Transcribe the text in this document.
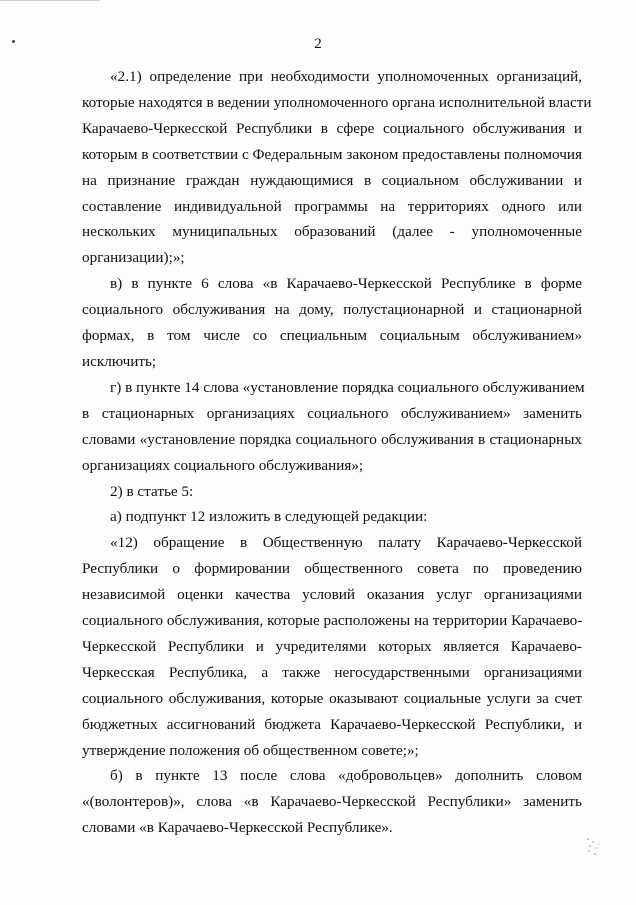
2

«2.1) определение при необходимости уполномоченных организаций,
которые находятся в ведении уполномоченного органа исполнительной власти
Карачаево-Черкесской Республики в сфере социального обслуживания и
которым в соответствии с Федеральным законом предоставлены полномочия
на признание граждан нуждающимися в социальном обслуживании и
составление индивидуальной программы на территориях одного или
нескольких муниципальных образований (далее - уполномоченные
организации);»;

в) в пункте 6 слова «в Карачаево-Черкесской Республике в форме
социального обслуживания на дому, полустационарной и стационарной
формах, в том числе со специальным социальным обслуживанием»
исключить;

г) в пункте 14 слова «установление порядка социального обслуживанием
в стационарных организациях социального обслуживанием» заменить
словами «установление порядка социального обслуживания в стационарных
организациях социального обслуживания»;

2) в статье 5:

а) подпункт 12 изложить в следующей редакции:

«12) обращение в Общественную палату Карачаево-Черкесской
Республики о формировании общественного совета по проведению
независимой оценки качества условий оказания услуг организациями
социального обслуживания, которые расположены на территории Карачаево-
Черкесской Республики и учредителями которых является Карачаево-
Черкесская Республика, а также негосударственными организациями
социального обслуживания, которые оказывают социальные услуги за счет
бюджетных ассигнований бюджета Карачаево-Черкесской Республики, и
утверждение положения об общественном совете;»;

б) в пункте 13 после слова «добровольцев» дополнить словом
«(волонтеров)», слова «в Карачаево-Черкесской Республики» заменить
словами «в Карачаево-Черкесской Республике».
